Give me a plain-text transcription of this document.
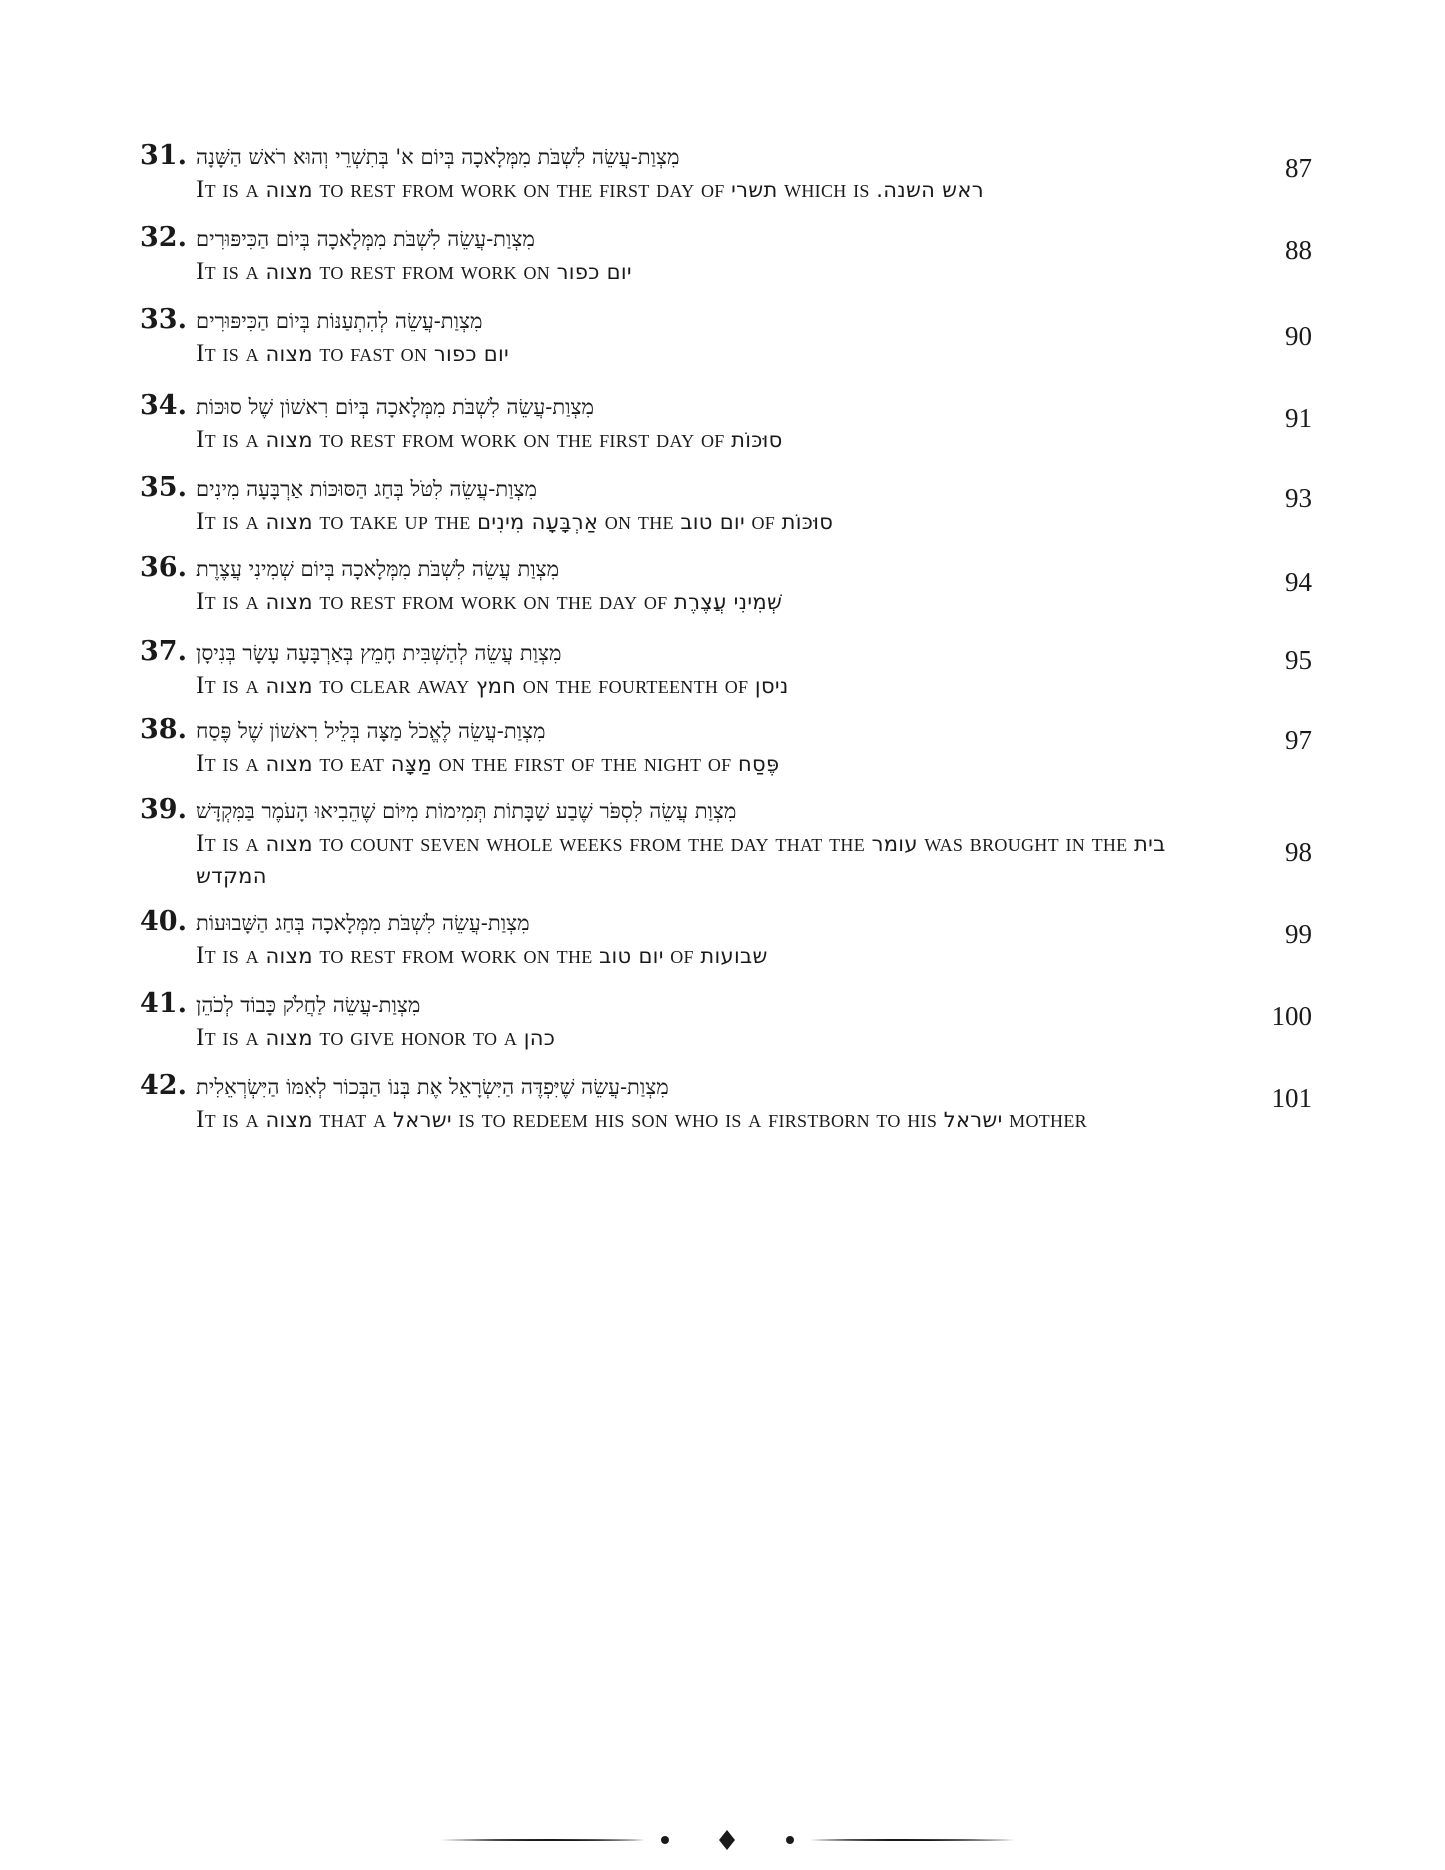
31. מִצְוַת-עֲשֵׂה לִשְׁבֹּת מִמְּלָאכָה בְּיוֹם א' בְּתִשְׁרֵי וְהוּא רֹאשׁ הַשָּׁנָה
It is a מצוה to rest from work on the first day of תשרי which is ראש השנה.
87
32. מִצְוַת-עֲשֵׂה לִשְׁבֹּת מִמְּלָאכָה בְּיוֹם הַכִּיפּוּרִים
It is a מצוה to rest from work on יום כפור
88
33. מִצְוַת-עֲשֵׂה לְהִתְעַנּוֹת בְּיוֹם הַכִּיפּוּרִים
It is a מצוה to fast on יום כפור
90
34. מִצְוַת-עֲשֵׂה לִשְׁבֹּת מִמְּלָאכָה בְּיוֹם רִאשׁוֹן שֶׁל סוּכּוֹת
It is a מצוה to rest from work on the first day of סוּכּוֹת
91
35. מִצְוַת-עֲשֵׂה לִטֹּל בְּחַג הַסּוּכּוֹת אַרְבָּעָה מִינִים
It is a מצוה to take up the אַרְבָּעָה מִינִים on the יום טוב of סוּכּוֹת
93
36. מִצְוַת עֲשֵׂה לִשְׁבֹּת מִמְּלָאכָה בְּיוֹם שְׁמִינִי עֲצֶרֶת
It is a מצוה to rest from work on the day of שְׁמִינִי עֲצֶרֶת
94
37. מִצְוַת עֲשֵׂה לְהַשְׁבִּית חָמֵץ בְּאַרְבָּעָה עָשָׂר בְּנִיסָן
It is a מצוה to clear away חמץ on the fourteenth of ניסן
95
38. מִצְוַת-עֲשֵׂה לֶאֱכֹל מַצָּה בְּלֵיל רִאשׁוֹן שֶׁל פֶּסַח
It is a מצוה to eat מַצָּה on the first of the night of פֶּסַח
97
39. מִצְוַת עֲשֵׂה לִסְפֹּר שֶׁבַע שַׁבָּתוֹת תְּמִימוֹת מִיּוֹם שֶׁהֵבִיאוּ הָעֹמֶר בַּמִּקְדָּשׁ
It is a מצוה to count seven whole weeks from the day that the עומר was brought in the בית המקדש
98
40. מִצְוַת-עֲשֵׂה לִשְׁבֹּת מִמְּלָאכָה בְּחַג הַשָּׁבוּעוֹת
It is a מצוה to rest from work on the יום טוב of שבועות
99
41. מִצְוַת-עֲשֵׂה לַחֲלֹק כָּבוֹד לְכֹהֵן
It is a מצוה to give honor to a כהן
100
42. מִצְוַת-עֲשֵׂה שֶׁיִּפְדֶּה הַיִּשְׂרָאֵל אֶת בְּנוֹ הַבְּכוֹר לְאִמּוֹ הַיִּשְׂרְאֵלִית
It is a מצוה that a ישראל is to redeem his son who is a firstborn to his ישראל mother
101
